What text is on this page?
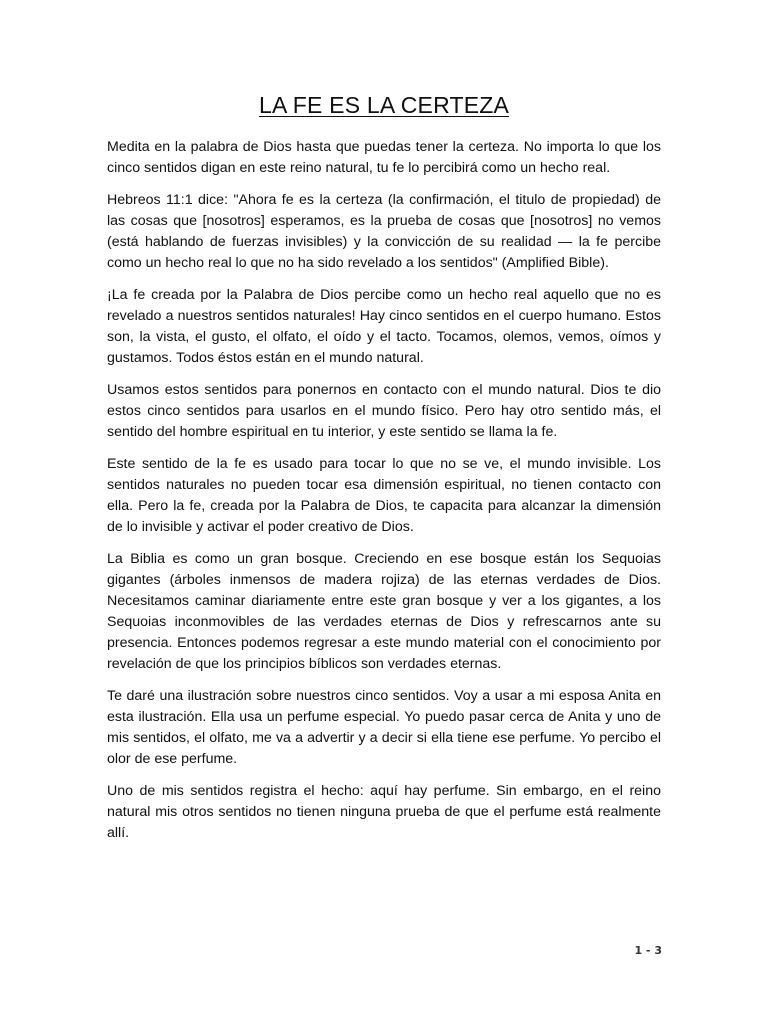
LA FE ES LA CERTEZA

Medita en la palabra de Dios hasta que puedas tener la certeza. No importa lo que los cinco sentidos digan en este reino natural, tu fe lo percibirá como un hecho real.

Hebreos 11:1 dice: "Ahora fe es la certeza (la confirmación, el titulo de propiedad) de las cosas que [nosotros] esperamos, es la prueba de cosas que [nosotros] no vemos (está hablando de fuerzas invisibles) y la convicción de su realidad — la fe percibe como un hecho real lo que no ha sido revelado a los sentidos" (Amplified Bible).

¡La fe creada por la Palabra de Dios percibe como un hecho real aquello que no es revelado a nuestros sentidos naturales! Hay cinco sentidos en el cuerpo humano. Estos son, la vista, el gusto, el olfato, el oído y el tacto. Tocamos, olemos, vemos, oímos y gustamos. Todos éstos están en el mundo natural.

Usamos estos sentidos para ponernos en contacto con el mundo natural. Dios te dio estos cinco sentidos para usarlos en el mundo físico. Pero hay otro sentido más, el sentido del hombre espiritual en tu interior, y este sentido se llama la fe.

Este sentido de la fe es usado para tocar lo que no se ve, el mundo invisible. Los sentidos naturales no pueden tocar esa dimensión espiritual, no tienen contacto con ella. Pero la fe, creada por la Palabra de Dios, te capacita para alcanzar la dimensión de lo invisible y activar el poder creativo de Dios.

La Biblia es como un gran bosque. Creciendo en ese bosque están los Sequoias gigantes (árboles inmensos de madera rojiza) de las eternas verdades de Dios. Necesitamos caminar diariamente entre este gran bosque y ver a los gigantes, a los Sequoias inconmovibles de las verdades eternas de Dios y refrescarnos ante su presencia. Entonces podemos regresar a este mundo material con el conocimiento por revelación de que los principios bíblicos son verdades eternas.

Te daré una ilustración sobre nuestros cinco sentidos. Voy a usar a mi esposa Anita en esta ilustración. Ella usa un perfume especial. Yo puedo pasar cerca de Anita y uno de mis sentidos, el olfato, me va a advertir y a decir si ella tiene ese perfume. Yo percibo el olor de ese perfume.

Uno de mis sentidos registra el hecho: aquí hay perfume. Sin embargo, en el reino natural mis otros sentidos no tienen ninguna prueba de que el perfume está realmente allí.

1 - 3
